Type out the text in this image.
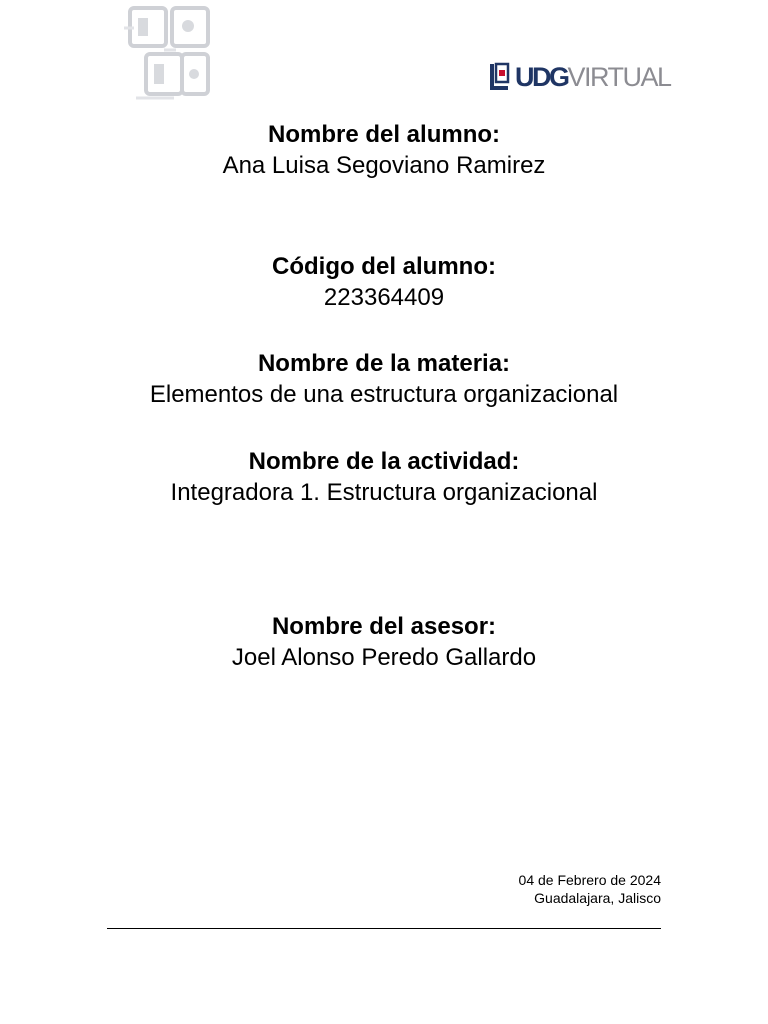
UDG VIRTUAL
Nombre del alumno:
Ana Luisa Segoviano Ramirez
Código del alumno:
223364409
Nombre de la materia:
Elementos de una estructura organizacional
Nombre de la actividad:
Integradora 1. Estructura organizacional
Nombre del asesor:
Joel Alonso Peredo Gallardo
04 de Febrero de 2024
Guadalajara, Jalisco
